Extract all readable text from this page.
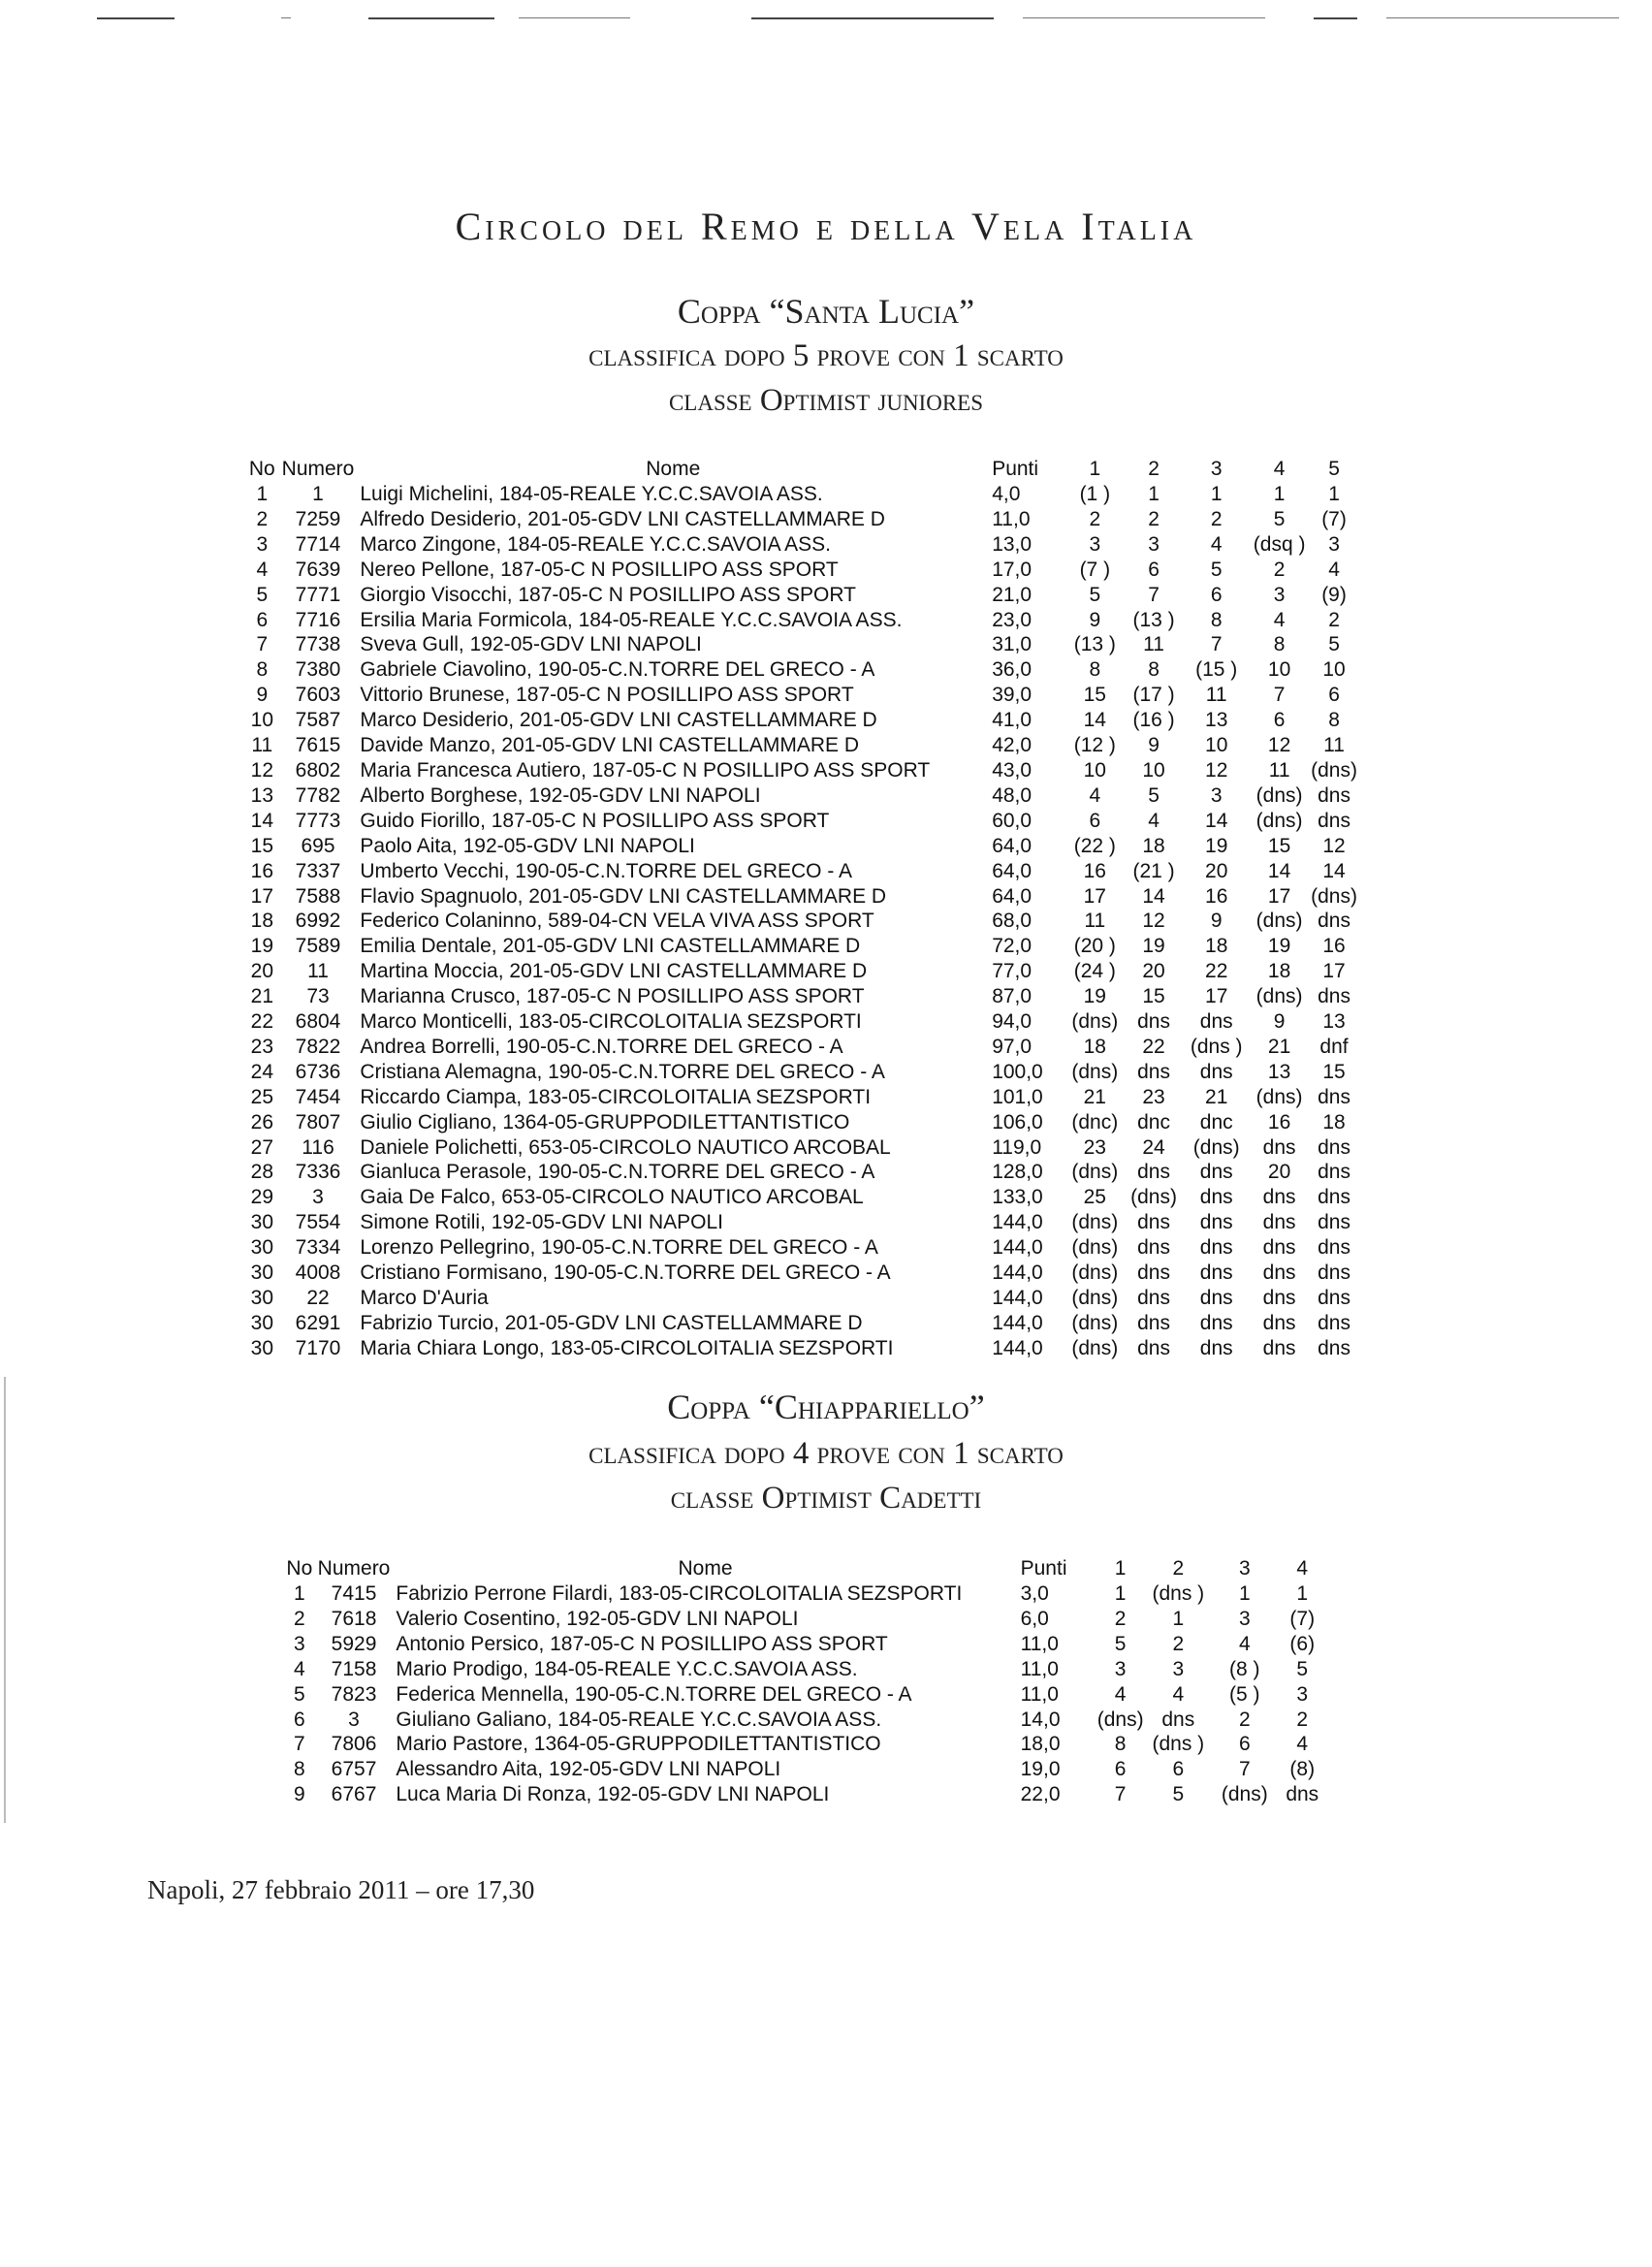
Circolo del Remo e della Vela Italia
Coppa “Santa Lucia”
classifica dopo 5 prove con 1 scarto
classe Optimist juniores
No	Numero	Nome	Punti	1	2	3	4	5
1	1	Luigi Michelini, 184-05-REALE Y.C.C.SAVOIA ASS.	4,0	(1 )	1	1	1	1
2	7259	Alfredo Desiderio, 201-05-GDV LNI CASTELLAMMARE D	11,0	2	2	2	5	(7)
3	7714	Marco Zingone, 184-05-REALE Y.C.C.SAVOIA ASS.	13,0	3	3	4	(dsq )	3
4	7639	Nereo Pellone, 187-05-C N POSILLIPO ASS SPORT	17,0	(7 )	6	5	2	4
5	7771	Giorgio Visocchi, 187-05-C N POSILLIPO ASS SPORT	21,0	5	7	6	3	(9)
6	7716	Ersilia Maria Formicola, 184-05-REALE Y.C.C.SAVOIA ASS.	23,0	9	(13 )	8	4	2
7	7738	Sveva Gull, 192-05-GDV LNI NAPOLI	31,0	(13 )	11	7	8	5
8	7380	Gabriele Ciavolino, 190-05-C.N.TORRE DEL GRECO - A	36,0	8	8	(15 )	10	10
9	7603	Vittorio Brunese, 187-05-C N POSILLIPO ASS SPORT	39,0	15	(17 )	11	7	6
10	7587	Marco Desiderio, 201-05-GDV LNI CASTELLAMMARE D	41,0	14	(16 )	13	6	8
11	7615	Davide Manzo, 201-05-GDV LNI CASTELLAMMARE D	42,0	(12 )	9	10	12	11
12	6802	Maria Francesca Autiero, 187-05-C N POSILLIPO ASS SPORT	43,0	10	10	12	11	(dns)
13	7782	Alberto Borghese, 192-05-GDV LNI NAPOLI	48,0	4	5	3	(dns)	dns
14	7773	Guido Fiorillo, 187-05-C N POSILLIPO ASS SPORT	60,0	6	4	14	(dns)	dns
15	695	Paolo Aita, 192-05-GDV LNI NAPOLI	64,0	(22 )	18	19	15	12
16	7337	Umberto Vecchi, 190-05-C.N.TORRE DEL GRECO - A	64,0	16	(21 )	20	14	14
17	7588	Flavio Spagnuolo, 201-05-GDV LNI CASTELLAMMARE D	64,0	17	14	16	17	(dns)
18	6992	Federico Colaninno, 589-04-CN VELA VIVA ASS SPORT	68,0	11	12	9	(dns)	dns
19	7589	Emilia Dentale, 201-05-GDV LNI CASTELLAMMARE D	72,0	(20 )	19	18	19	16
20	11	Martina Moccia, 201-05-GDV LNI CASTELLAMMARE D	77,0	(24 )	20	22	18	17
21	73	Marianna Crusco, 187-05-C N POSILLIPO ASS SPORT	87,0	19	15	17	(dns)	dns
22	6804	Marco Monticelli, 183-05-CIRCOLOITALIA SEZSPORTI	94,0	(dns)	dns	dns	9	13
23	7822	Andrea Borrelli, 190-05-C.N.TORRE DEL GRECO - A	97,0	18	22	(dns )	21	dnf
24	6736	Cristiana Alemagna, 190-05-C.N.TORRE DEL GRECO - A	100,0	(dns)	dns	dns	13	15
25	7454	Riccardo Ciampa, 183-05-CIRCOLOITALIA SEZSPORTI	101,0	21	23	21	(dns)	dns
26	7807	Giulio Cigliano, 1364-05-GRUPPODILETTANTISTICO	106,0	(dnc)	dnc	dnc	16	18
27	116	Daniele Polichetti, 653-05-CIRCOLO NAUTICO ARCOBAL	119,0	23	24	(dns)	dns	dns
28	7336	Gianluca Perasole, 190-05-C.N.TORRE DEL GRECO - A	128,0	(dns)	dns	dns	20	dns
29	3	Gaia De Falco, 653-05-CIRCOLO NAUTICO ARCOBAL	133,0	25	(dns)	dns	dns	dns
30	7554	Simone Rotili, 192-05-GDV LNI NAPOLI	144,0	(dns)	dns	dns	dns	dns
30	7334	Lorenzo Pellegrino, 190-05-C.N.TORRE DEL GRECO - A	144,0	(dns)	dns	dns	dns	dns
30	4008	Cristiano Formisano, 190-05-C.N.TORRE DEL GRECO - A	144,0	(dns)	dns	dns	dns	dns
30	22	Marco D'Auria	144,0	(dns)	dns	dns	dns	dns
30	6291	Fabrizio Turcio, 201-05-GDV LNI CASTELLAMMARE D	144,0	(dns)	dns	dns	dns	dns
30	7170	Maria Chiara Longo, 183-05-CIRCOLOITALIA SEZSPORTI	144,0	(dns)	dns	dns	dns	dns
Coppa “Chiappariello”
classifica dopo 4 prove con 1 scarto
classe Optimist Cadetti
No	Numero	Nome	Punti	1	2	3	4
1	7415	Fabrizio Perrone Filardi, 183-05-CIRCOLOITALIA SEZSPORTI	3,0	1	(dns )	1	1
2	7618	Valerio Cosentino, 192-05-GDV LNI NAPOLI	6,0	2	1	3	(7)
3	5929	Antonio Persico, 187-05-C N POSILLIPO ASS SPORT	11,0	5	2	4	(6)
4	7158	Mario Prodigo, 184-05-REALE Y.C.C.SAVOIA ASS.	11,0	3	3	(8 )	5
5	7823	Federica Mennella, 190-05-C.N.TORRE DEL GRECO - A	11,0	4	4	(5 )	3
6	3	Giuliano Galiano, 184-05-REALE Y.C.C.SAVOIA ASS.	14,0	(dns)	dns	2	2
7	7806	Mario Pastore, 1364-05-GRUPPODILETTANTISTICO	18,0	8	(dns )	6	4
8	6757	Alessandro Aita, 192-05-GDV LNI NAPOLI	19,0	6	6	7	(8)
9	6767	Luca Maria Di Ronza, 192-05-GDV LNI NAPOLI	22,0	7	5	(dns)	dns
Napoli, 27 febbraio 2011 – ore 17,30
